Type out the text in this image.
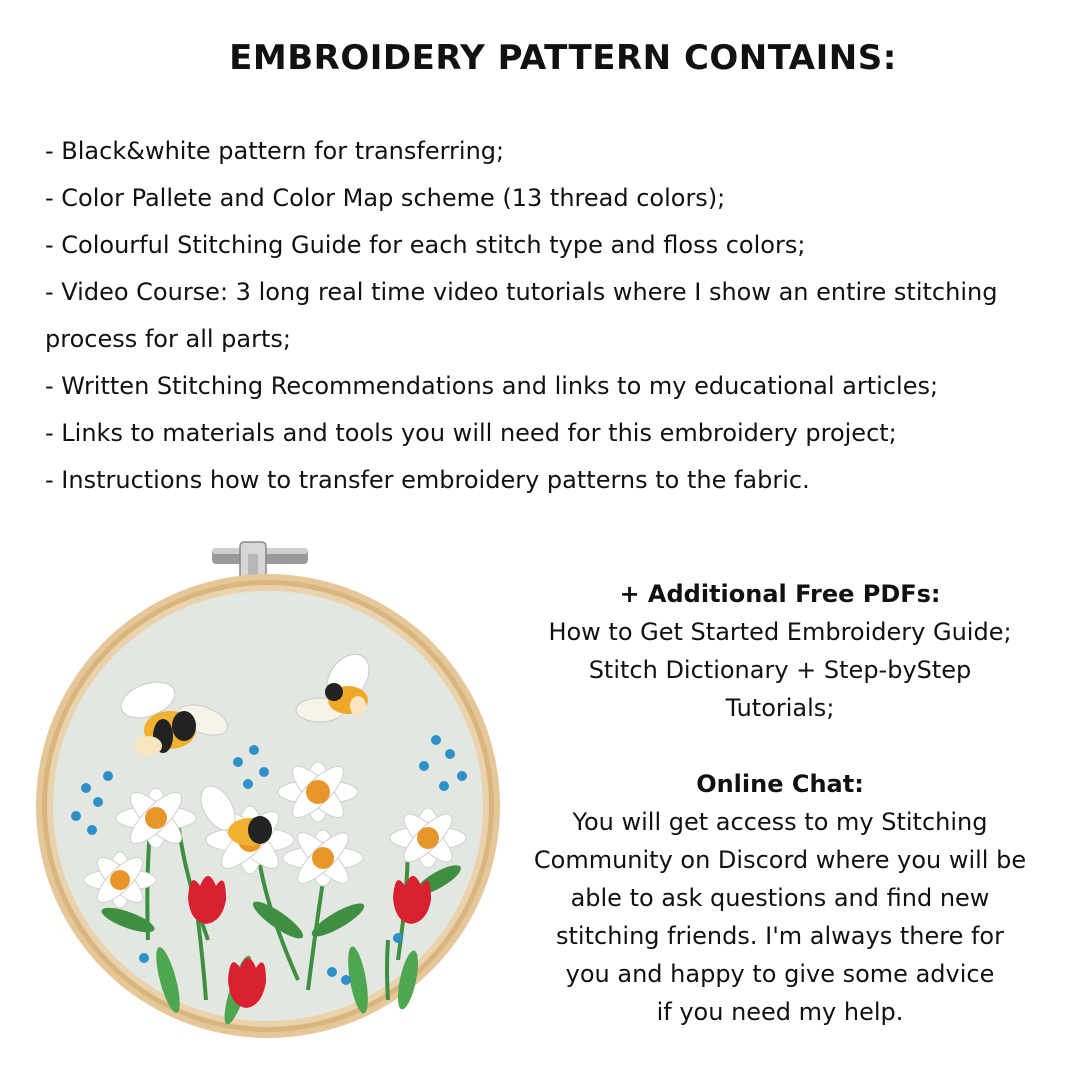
EMBROIDERY PATTERN CONTAINS:
- Black&white pattern for transferring;
- Color Pallete and Color Map scheme (13 thread colors);
- Colourful Stitching Guide for each stitch type and floss colors;
- Video Course: 3 long real time video tutorials where I show an entire stitching process for all parts;
- Written Stitching Recommendations and links to my educational articles;
- Links to materials and tools you will need for this embroidery project;
- Instructions how to transfer embroidery patterns to the fabric.

+ Additional Free PDFs:

How to Get Started Embroidery Guide;

Stitch Dictionary + Step-byStep

Tutorials;

Online Chat:

You will get access to my Stitching

Community on Discord where you will be

able to ask questions and find new

stitching friends. I'm always there for

you and happy to give some advice

if you need my help.
